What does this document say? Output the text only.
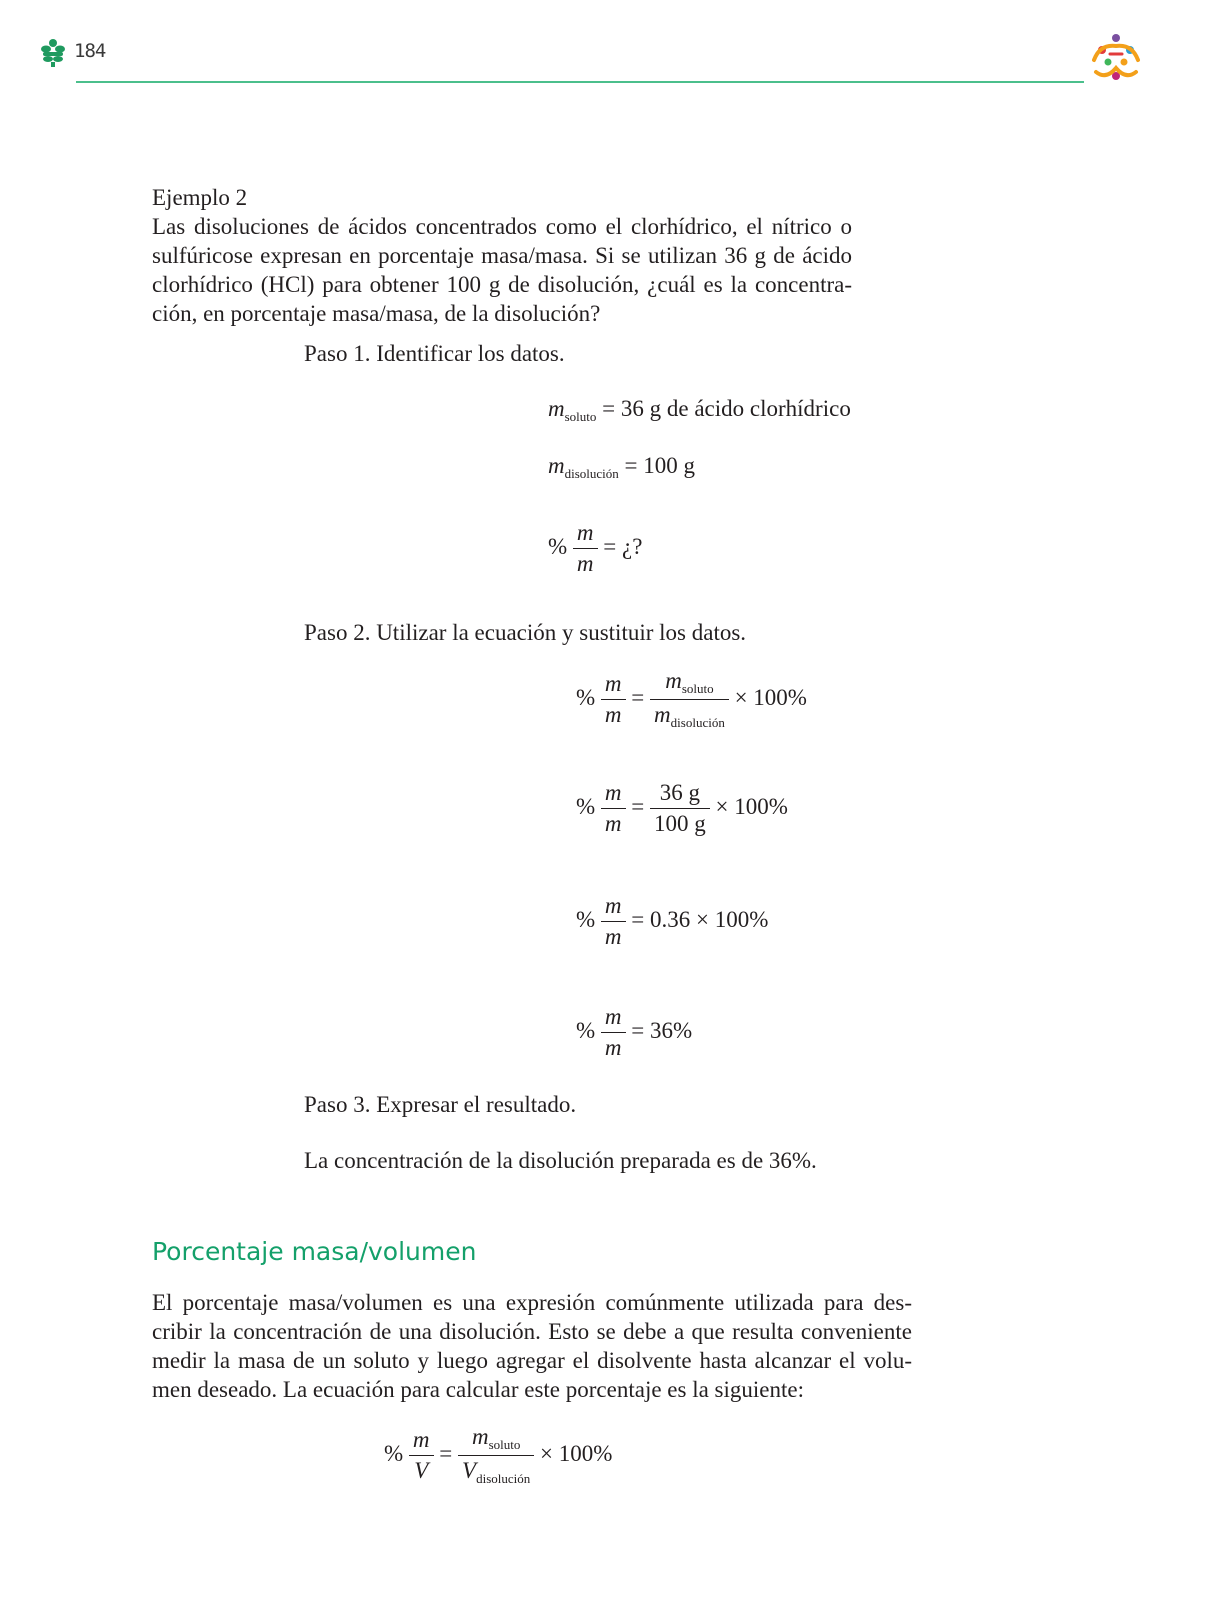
184
Ejemplo 2
Las disoluciones de ácidos concentrados como el clorhídrico, el nítrico o
sulfúricose expresan en porcentaje masa/masa. Si se utilizan 36 g de ácido
clorhídrico (HCl) para obtener 100 g de disolución, ¿cuál es la concentra-
ción, en porcentaje masa/masa, de la disolución?
Paso 1. Identificar los datos.
$m_{soluto} = 36$ g de ácido clorhídrico
$m_{disolución} = 100$ g
% $\frac{m}{m}$ = ¿?
Paso 2. Utilizar la ecuación y sustituir los datos.
% $\frac{m}{m} = \frac{m_{soluto}}{m_{disolución}} \times 100\%$
% $\frac{m}{m} = \frac{36 g}{100 g} \times 100\%$
% $\frac{m}{m} = 0.36 \times 100\%$
% $\frac{m}{m} = 36\%$
Paso 3. Expresar el resultado.
La concentración de la disolución preparada es de 36%.
Porcentaje masa/volumen
El porcentaje masa/volumen es una expresión comúnmente utilizada para des-
cribir la concentración de una disolución. Esto se debe a que resulta conveniente
medir la masa de un soluto y luego agregar el disolvente hasta alcanzar el volu-
men deseado. La ecuación para calcular este porcentaje es la siguiente:
% $\frac{m}{V} = \frac{m_{soluto}}{V_{disolución}} \times 100\%$
